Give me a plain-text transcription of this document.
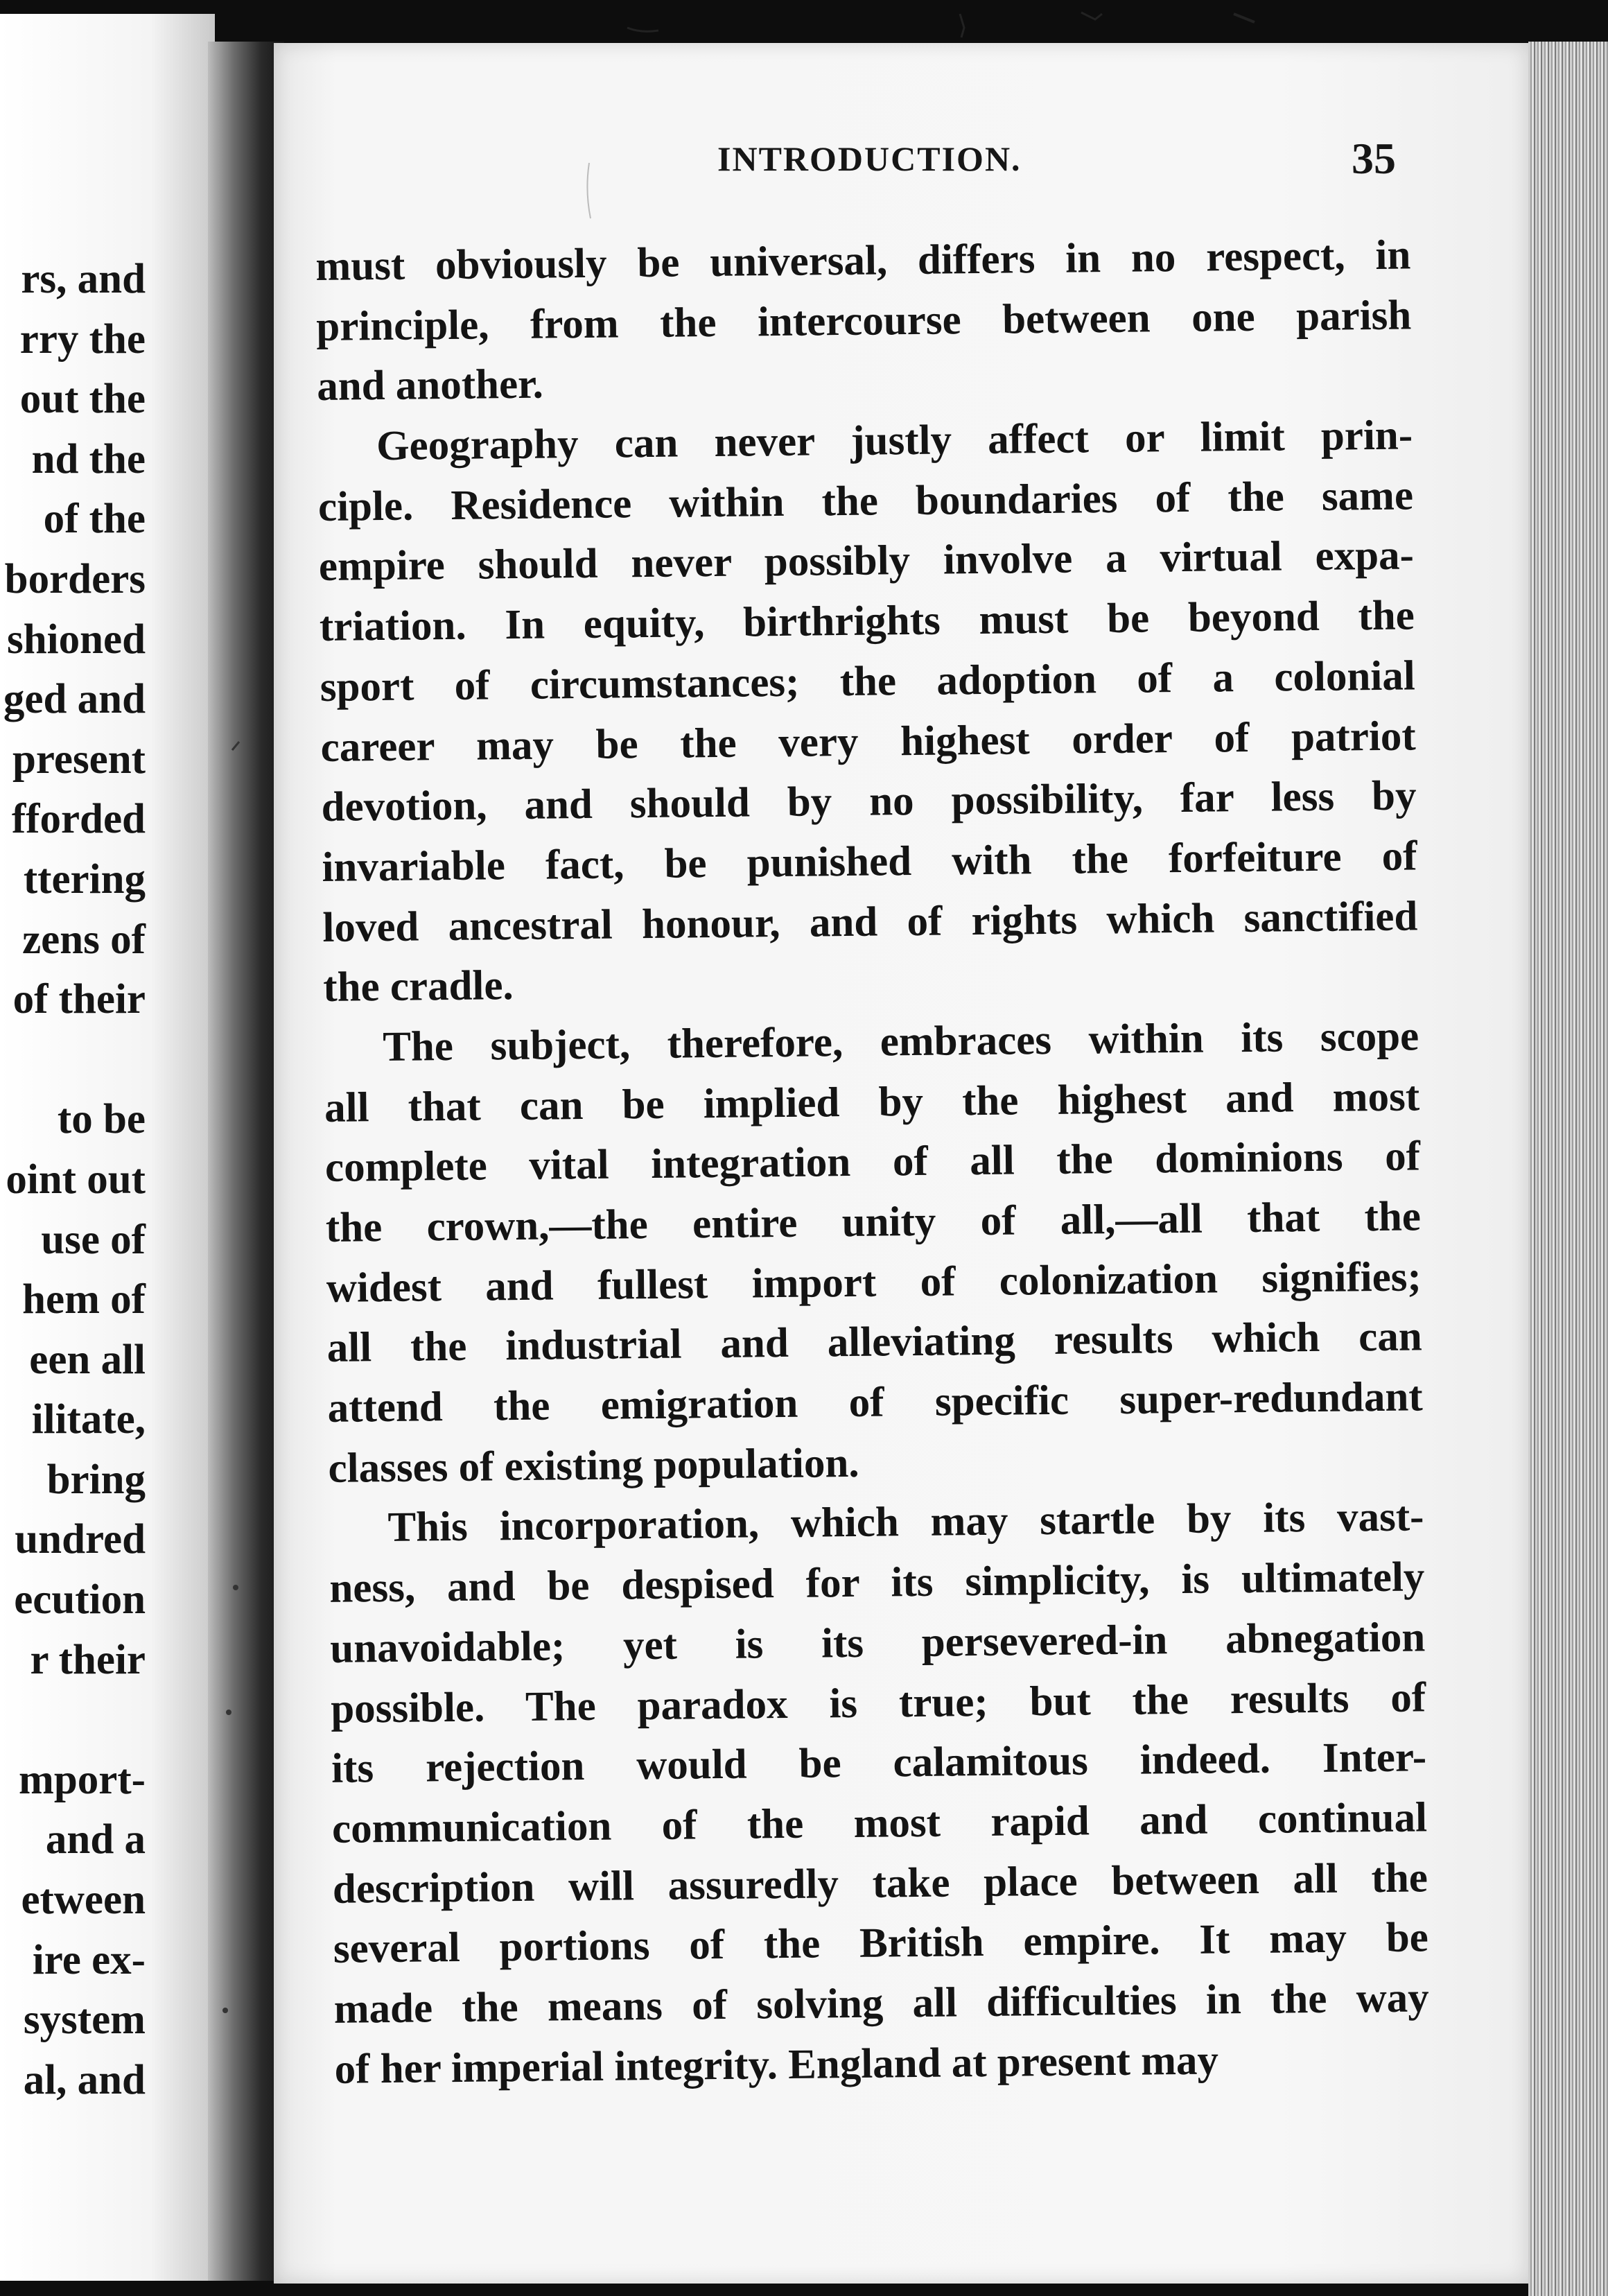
rs, and
rry the
out the
nd the
of the
borders
shioned
ged and
present
fforded
ttering
zens of
of their
to be
oint out
use of
hem of
een all
ilitate,
bring
undred
ecution
r their
mport-
and a
etween
ire ex-
system
al, and
INTRODUCTION.	35
must obviously be universal, differs in no respect, in
principle, from the intercourse between one parish
and another.
Geography can never justly affect or limit prin-
ciple. Residence within the boundaries of the same
empire should never possibly involve a virtual expa-
triation. In equity, birthrights must be beyond the
sport of circumstances; the adoption of a colonial
career may be the very highest order of patriot
devotion, and should by no possibility, far less by
invariable fact, be punished with the forfeiture of
loved ancestral honour, and of rights which sanctified
the cradle.
The subject, therefore, embraces within its scope
all that can be implied by the highest and most
complete vital integration of all the dominions of
the crown,—the entire unity of all,—all that the
widest and fullest import of colonization signifies;
all the industrial and alleviating results which can
attend the emigration of specific super-redundant
classes of existing population.
This incorporation, which may startle by its vast-
ness, and be despised for its simplicity, is ultimately
unavoidable; yet is its persevered-in abnegation
possible. The paradox is true; but the results of
its rejection would be calamitous indeed. Inter-
communication of the most rapid and continual
description will assuredly take place between all the
several portions of the British empire. It may be
made the means of solving all difficulties in the way
of her imperial integrity. England at present may
